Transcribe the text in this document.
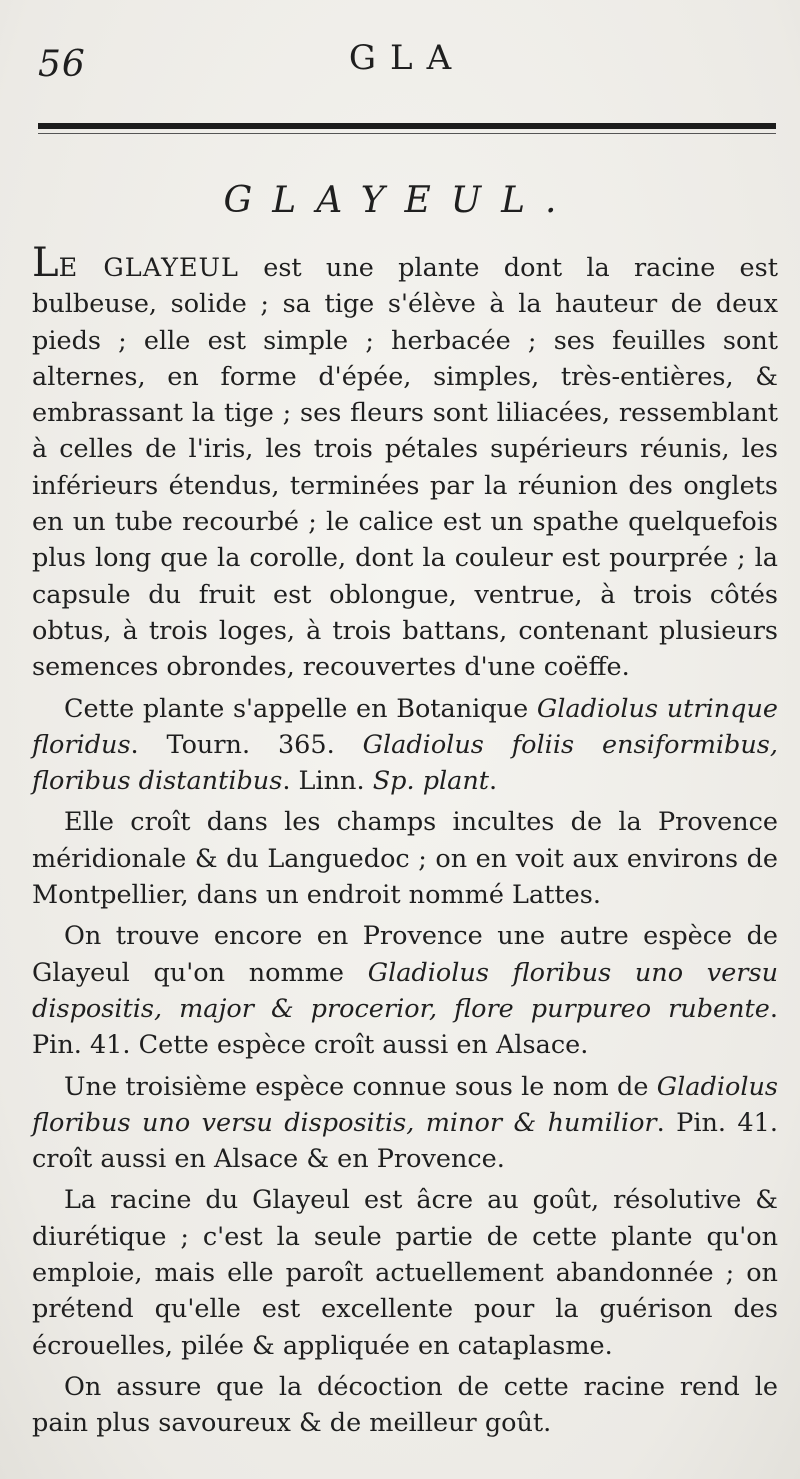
56	GLA
GLAYEUL.

LE GLAYEUL est une plante dont la racine est bulbeuse, solide ; sa tige s'élève à la hauteur de deux pieds ; elle est simple ; herbacée ; ses feuilles sont alternes, en forme d'épée, simples, très-entières, & embrassant la tige ; ses fleurs sont liliacées, ressemblant à celles de l'iris, les trois pétales supérieurs réunis, les inférieurs étendus, terminées par la réunion des onglets en un tube recourbé ; le calice est un spathe quelquefois plus long que la corolle, dont la couleur est pourprée ; la capsule du fruit est oblongue, ventrue, à trois côtés obtus, à trois loges, à trois battans, contenant plusieurs semences obrondes, recouvertes d'une coëffe.

Cette plante s'appelle en Botanique Gladiolus utrinque floridus. Tourn. 365. Gladiolus foliis ensiformibus, floribus distantibus. Linn. Sp. plant.

Elle croît dans les champs incultes de la Provence méridionale & du Languedoc ; on en voit aux environs de Montpellier, dans un endroit nommé Lattes.

On trouve encore en Provence une autre espèce de Glayeul qu'on nomme Gladiolus floribus uno versu dispositis, major & procerior, flore purpureo rubente. Pin. 41. Cette espèce croît aussi en Alsace.

Une troisième espèce connue sous le nom de Gladiolus floribus uno versu dispositis, minor & humilior. Pin. 41. croît aussi en Alsace & en Provence.

La racine du Glayeul est âcre au goût, résolutive & diurétique ; c'est la seule partie de cette plante qu'on emploie, mais elle paroît actuellement abandonnée ; on prétend qu'elle est excellente pour la guérison des écrouelles, pilée & appliquée en cataplasme.

On assure que la décoction de cette racine rend le pain plus savoureux & de meilleur goût.
